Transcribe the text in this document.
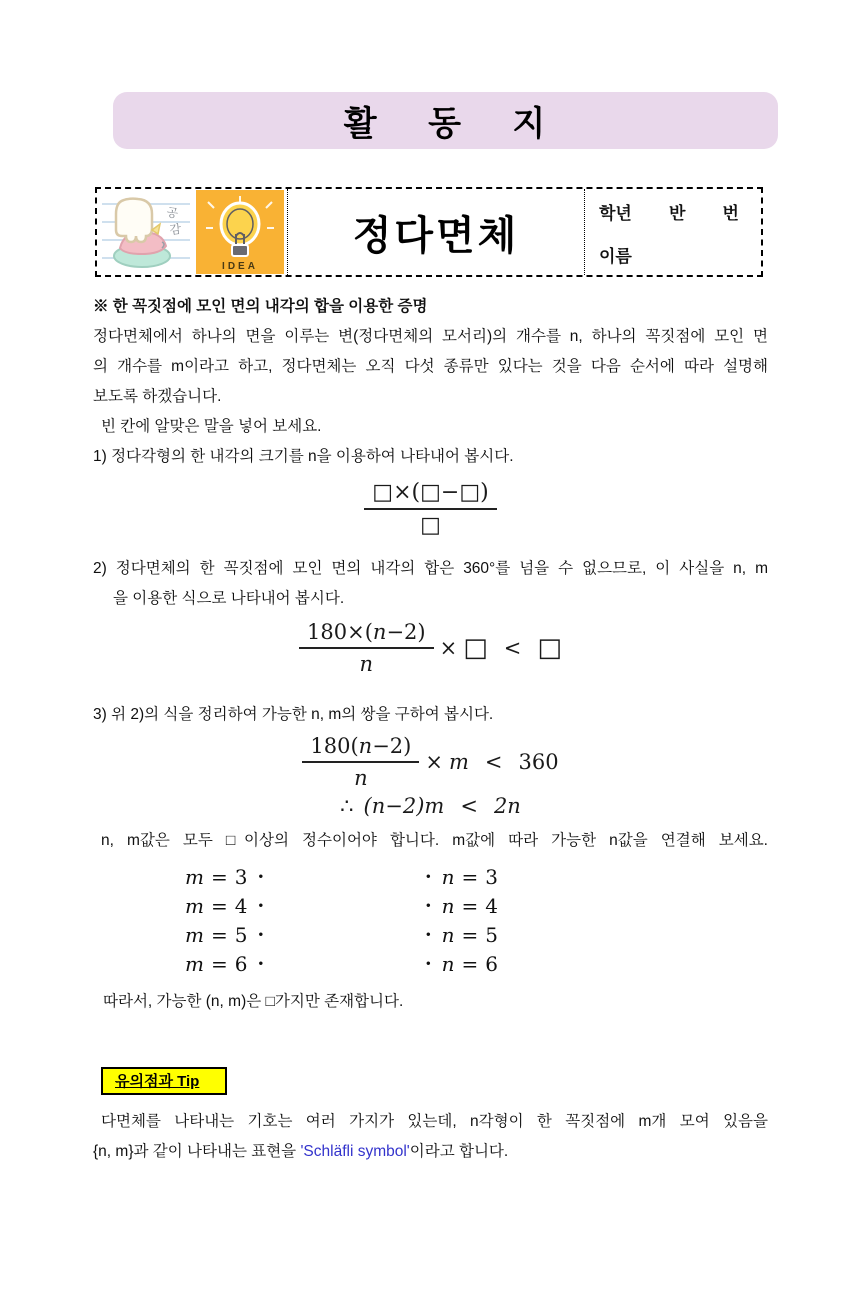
활 동 지
공
감
IDEA
정다면체	학년 반 번
이름
※ 한 꼭짓점에 모인 면의 내각의 합을 이용한 증명
정다면체에서 하나의 면을 이루는 변(정다면체의 모서리)의 개수를 n, 하나의 꼭짓점에 모인 면
의 개수를 m이라고 하고, 정다면체는 오직 다섯 종류만 있다는 것을 다음 순서에 따라 설명해
보도록 하겠습니다.
빈 칸에 알맞은 말을 넣어 보세요.
1) 정다각형의 한 내각의 크기를 n을 이용하여 나타내어 봅시다.
$\frac{□\times(□-□)}{□}$
2) 정다면체의 한 꼭짓점에 모인 면의 내각의 합은 360°를 넘을 수 없으므로, 이 사실을 n, m
을 이용한 식으로 나타내어 봅시다.
$\frac{180\times(n-2)}{n}$ × □ < □
3) 위 2)의 식을 정리하여 가능한 n, m의 쌍을 구하여 봅시다.
$\frac{180(n-2)}{n} \times m < 360$
∴ (n−2)m < 2n
n, m값은 모두 □이상의 정수이어야 합니다. m값에 따라 가능한 n값을 연결해 보세요.
m = 3 ·	· n = 3
m = 4 ·	· n = 4
m = 5 ·	· n = 5
m = 6 ·	· n = 6
따라서, 가능한 (n, m)은 □가지만 존재합니다.
유의점과 Tip
다면체를 나타내는 기호는 여러 가지가 있는데, n각형이 한 꼭짓점에 m개 모여 있음을
{n, m}과 같이 나타내는 표현을 'Schläfli symbol'이라고 합니다.
